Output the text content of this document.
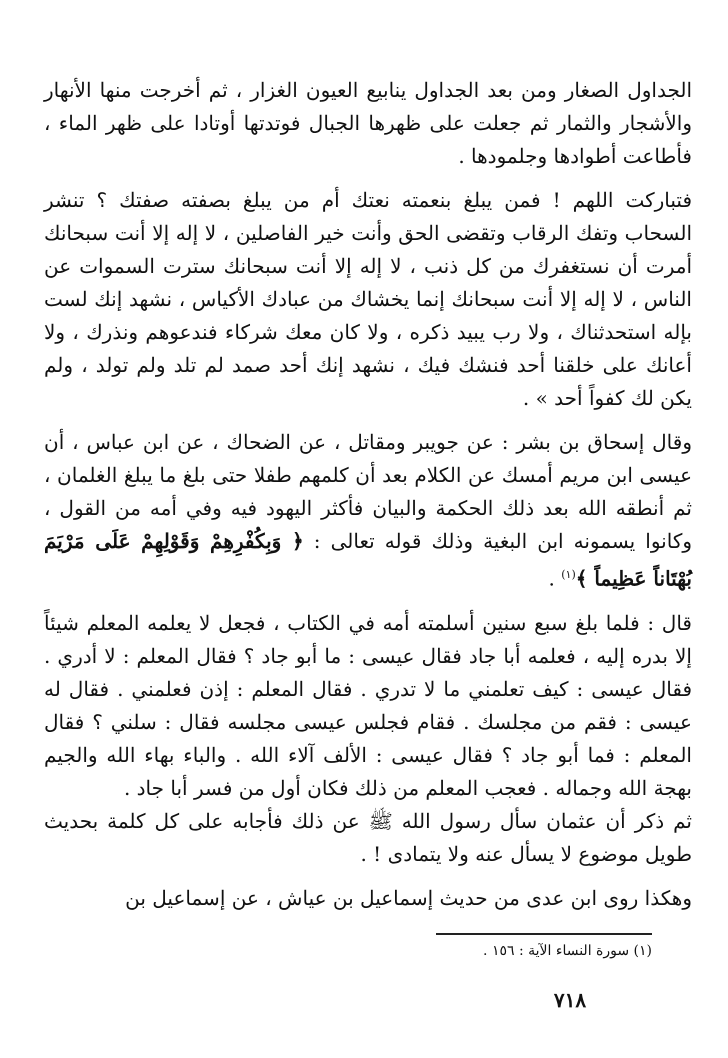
الجداول الصغار ومن بعد الجداول ينابيع العيون الغزار ، ثم أخرجت منها الأنهار والأشجار والثمار ثم جعلت على ظهرها الجبال فوتدتها أوتادا على ظهر الماء ، فأطاعت أطوادها وجلمودها .

فتباركت اللهم ! فمن يبلغ بنعمته نعتك أم من يبلغ بصفته صفتك ؟ تنشر السحاب وتفك الرقاب وتقضى الحق وأنت خير الفاصلين ، لا إله إلا أنت سبحانك أمرت أن نستغفرك من كل ذنب ، لا إله إلا أنت سبحانك سترت السموات عن الناس ، لا إله إلا أنت سبحانك إنما يخشاك من عبادك الأكياس ، نشهد إنك لست بإله استحدثناك ، ولا رب يبيد ذكره ، ولا كان معك شركاء فندعوهم ونذرك ، ولا أعانك على خلقنا أحد فنشك فيك ، نشهد إنك أحد صمد لم تلد ولم تولد ، ولم يكن لك كفواً أحد » .

وقال إسحاق بن بشر : عن جويبر ومقاتل ، عن الضحاك ، عن ابن عباس ، أن عيسى ابن مريم أمسك عن الكلام بعد أن كلمهم طفلا حتى بلغ ما يبلغ الغلمان ، ثم أنطقه الله بعد ذلك الحكمة والبيان فأكثر اليهود فيه وفي أمه من القول ، وكانوا يسمونه ابن البغية وذلك قوله تعالى : ﴿ وَبِكُفْرِهِمْ وَقَوْلِهِمْ عَلَى مَرْيَمَ بُهْتَاناً عَظِيماً ﴾$^{(١)}$ .

قال : فلما بلغ سبع سنين أسلمته أمه في الكتاب ، فجعل لا يعلمه المعلم شيئاً إلا بدره إليه ، فعلمه أبا جاد فقال عيسى : ما أبو جاد ؟ فقال المعلم : لا أدري . فقال عيسى : كيف تعلمني ما لا تدري . فقال المعلم : إذن فعلمني . فقال له عيسى : فقم من مجلسك . فقام فجلس عيسى مجلسه فقال : سلني ؟ فقال المعلم : فما أبو جاد ؟ فقال عيسى : الألف آلاء الله . والباء بهاء الله والجيم بهجة الله وجماله . فعجب المعلم من ذلك فكان أول من فسر أبا جاد .

ثم ذكر أن عثمان سأل رسول الله ﷺ عن ذلك فأجابه على كل كلمة بحديث طويل موضوع لا يسأل عنه ولا يتمادى ! .

وهكذا روى ابن عدى من حديث إسماعيل بن عياش ، عن إسماعيل بن

(١) سورة النساء الآية : ١٥٦ .
٧١٨
